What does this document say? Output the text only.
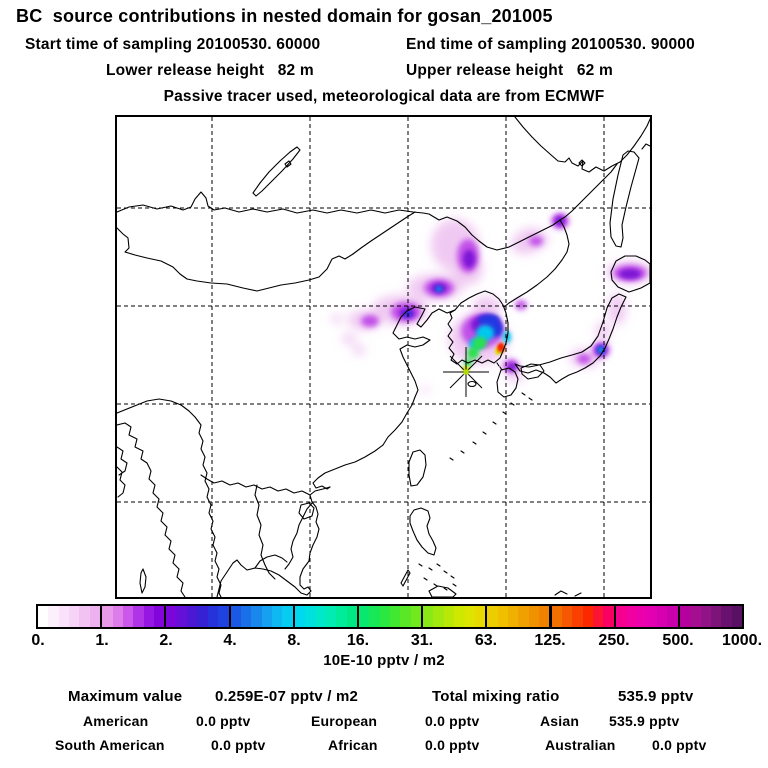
BC  source contributions in nested domain for gosan_201005
Start time of sampling 20100530. 60000	End time of sampling 20100530. 90000
Lower release height   82 m	Upper release height   62 m
Passive tracer used, meteorological data are from ECMWF
0.	1.	2.	4.	8.	16.	31.	63. 125. 250. 500. 1000.
10E-10 pptv / m2
Maximum value 0.259E-07 pptv / m2	Total mixing ratio	535.9 pptv
American	0.0 pptv	European	0.0 pptv	Asian 535.9 pptv
South American	0.0 pptv	African	0.0 pptv	Australian	0.0 pptv
